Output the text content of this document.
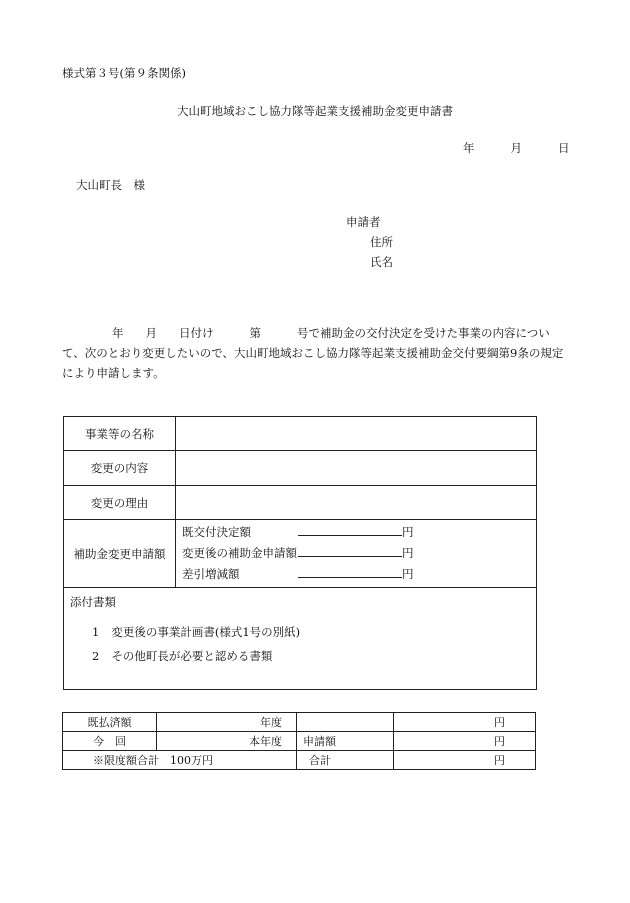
様式第３号(第９条関係)
大山町地域おこし協力隊等起業支援補助金変更申請書
年	月	日
大山町長　様
申請者
住所
氏名
年 月 日付け	第	号で補助金の交付決定を受けた事業の内容につい
て、次のとおり変更したいので、大山町地域おこし協力隊等起業支援補助金交付要綱第9条の規定
により申請します。
事業等の名称	
変更の内容	
変更の理由	
補助金変更申請額	既交付決定額 円
変更後の補助金申請額 円
差引増減額 円

添付書類
1 変更後の事業計画書(様式1号の別紙)
2 その他町長が必要と認める書類	
既払済額	年度		円
今　回	本年度	申請額	円
※限度額合計　100万円		合計	円
